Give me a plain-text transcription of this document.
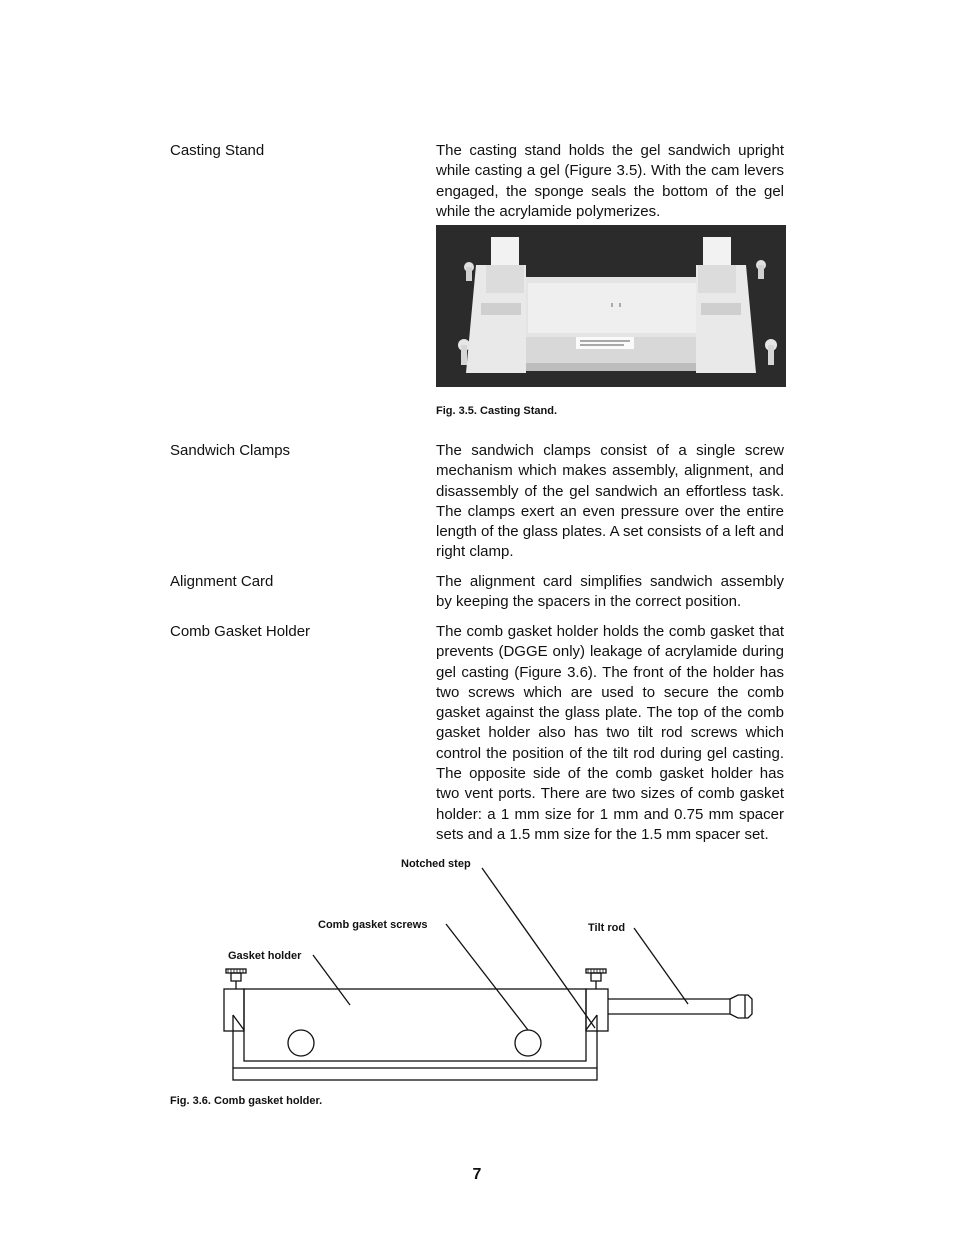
Casting Stand	The casting stand holds the gel sandwich upright while casting a gel (Figure 3.5). With the cam levers engaged, the sponge seals the bottom of the gel while the acrylamide polymerizes.
Fig. 3.5. Casting Stand.
Sandwich Clamps	The sandwich clamps consist of a single screw mechanism which makes assembly, alignment, and disassembly of the gel sandwich an effortless task. The clamps exert an even pressure over the entire length of the glass plates. A set consists of a left and right clamp.
Alignment Card	The alignment card simplifies sandwich assembly by keeping the spacers in the correct position.
Comb Gasket Holder	The comb gasket holder holds the comb gasket that prevents (DGGE only) leakage of acrylamide during gel casting (Figure 3.6). The front of the holder has two screws which are used to secure the comb gasket against the glass plate. The top of the comb gasket holder also has two tilt rod screws which control the position of the tilt rod during gel casting. The opposite side of the comb gasket holder has two vent ports. There are two sizes of comb gasket holder: a 1 mm size for 1 mm and 0.75 mm spacer sets and a 1.5 mm size for the 1.5 mm spacer set.
Notched step
Comb gasket screws	Tilt rod
Gasket holder
Fig. 3.6. Comb gasket holder.
7
